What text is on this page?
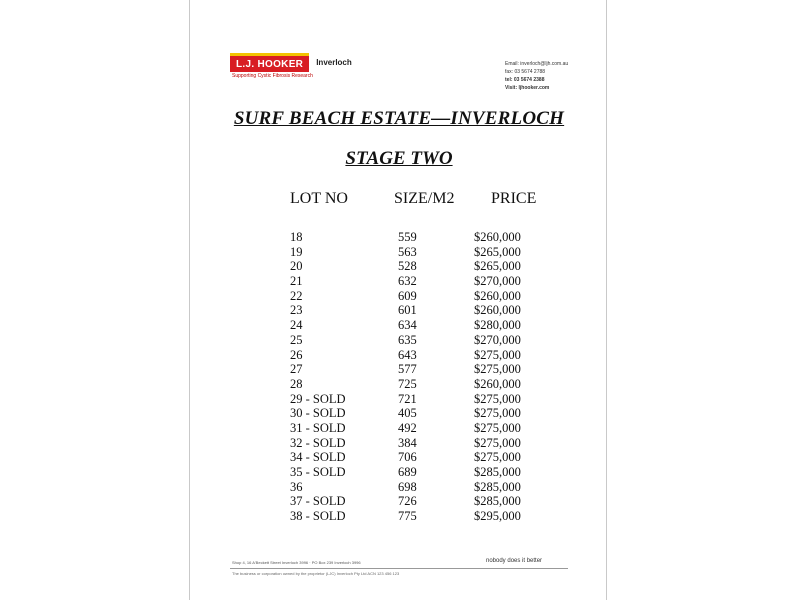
L.J. HOOKER Inverloch
Supporting Cystic Fibrosis Research
Email: inverloch@ljh.com.au
fax: 03 5674 2788
tel: 03 5674 2388
Visit: ljhooker.com
SURF BEACH ESTATE—INVERLOCH
STAGE TWO
LOT NO	SIZE/M2 PRICE
18	559	$260,000
19	563	$265,000
20	528	$265,000
21	632	$270,000
22	609	$260,000
23	601	$260,000
24	634	$280,000
25	635	$270,000
26	643	$275,000
27	577	$275,000
28	725	$260,000
29 - SOLD	721	$275,000
30 - SOLD	405	$275,000
31 - SOLD	492	$275,000
32 - SOLD	384	$275,000
34 - SOLD	706	$275,000
35 - SOLD	689	$285,000
36	698	$285,000
37 - SOLD	726	$285,000
38 - SOLD	775	$295,000
Shop 4, 16 A'Beckett Street Inverloch 3996 · PO Box 239 Inverloch 3996	nobody does it better
The business or corporation owned by the proprietor (LJC) Inverloch Pty Ltd ACN 123 456 123
